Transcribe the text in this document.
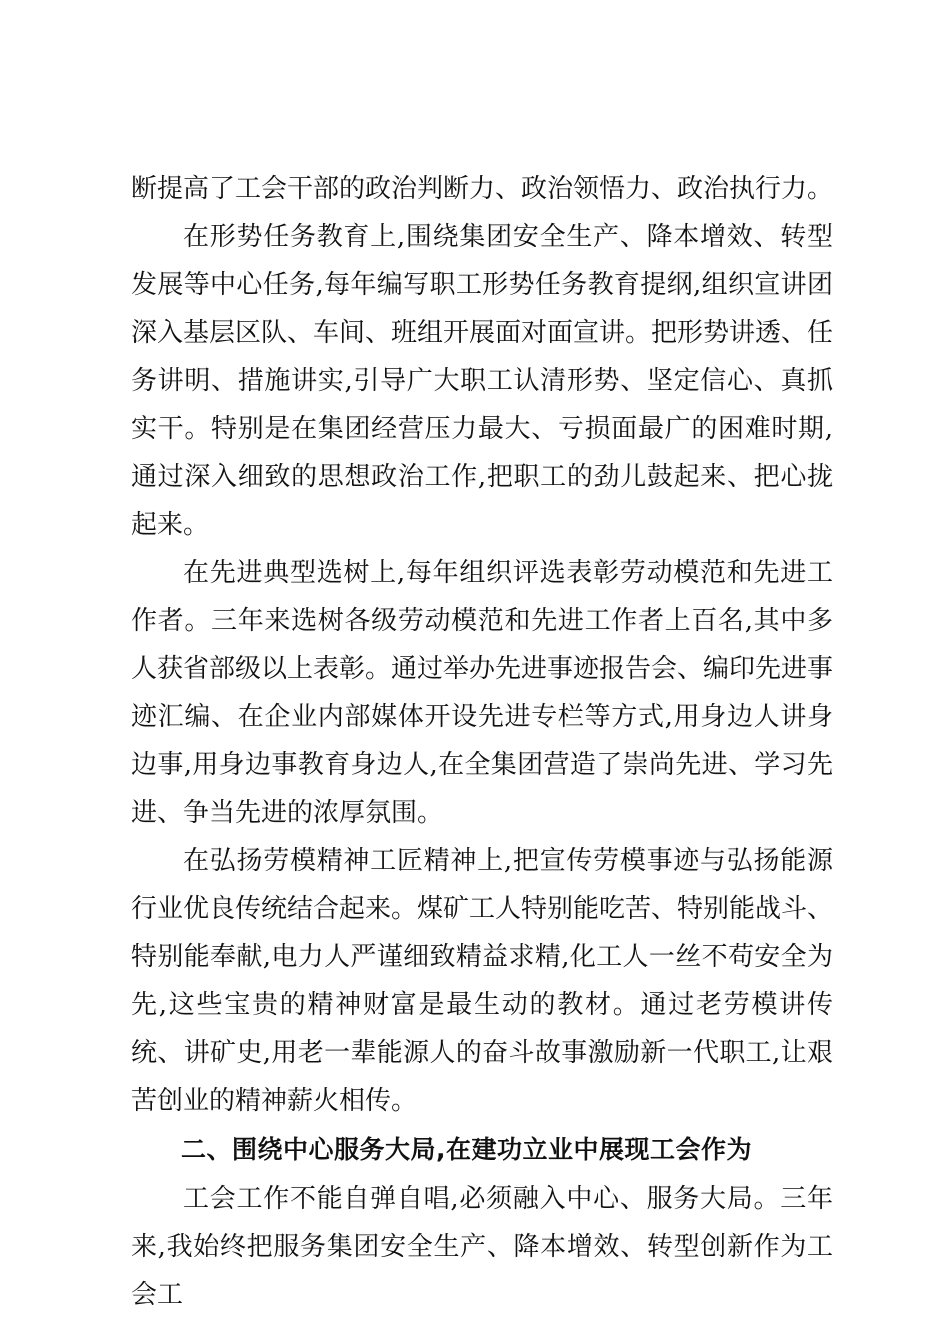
断提高了工会干部的政治判断力、政治领悟力、政治执行力。

在形势任务教育上,围绕集团安全生产、降本增效、转型发展等中心任务,每年编写职工形势任务教育提纲,组织宣讲团深入基层区队、车间、班组开展面对面宣讲。把形势讲透、任务讲明、措施讲实,引导广大职工认清形势、坚定信心、真抓实干。特别是在集团经营压力最大、亏损面最广的困难时期,通过深入细致的思想政治工作,把职工的劲儿鼓起来、把心拢起来。

在先进典型选树上,每年组织评选表彰劳动模范和先进工作者。三年来选树各级劳动模范和先进工作者上百名,其中多人获省部级以上表彰。通过举办先进事迹报告会、编印先进事迹汇编、在企业内部媒体开设先进专栏等方式,用身边人讲身边事,用身边事教育身边人,在全集团营造了崇尚先进、学习先进、争当先进的浓厚氛围。

在弘扬劳模精神工匠精神上,把宣传劳模事迹与弘扬能源行业优良传统结合起来。煤矿工人特别能吃苦、特别能战斗、特别能奉献,电力人严谨细致精益求精,化工人一丝不苟安全为先,这些宝贵的精神财富是最生动的教材。通过老劳模讲传统、讲矿史,用老一辈能源人的奋斗故事激励新一代职工,让艰苦创业的精神薪火相传。

二、围绕中心服务大局,在建功立业中展现工会作为

工会工作不能自弹自唱,必须融入中心、服务大局。三年来,我始终把服务集团安全生产、降本增效、转型创新作为工会工
